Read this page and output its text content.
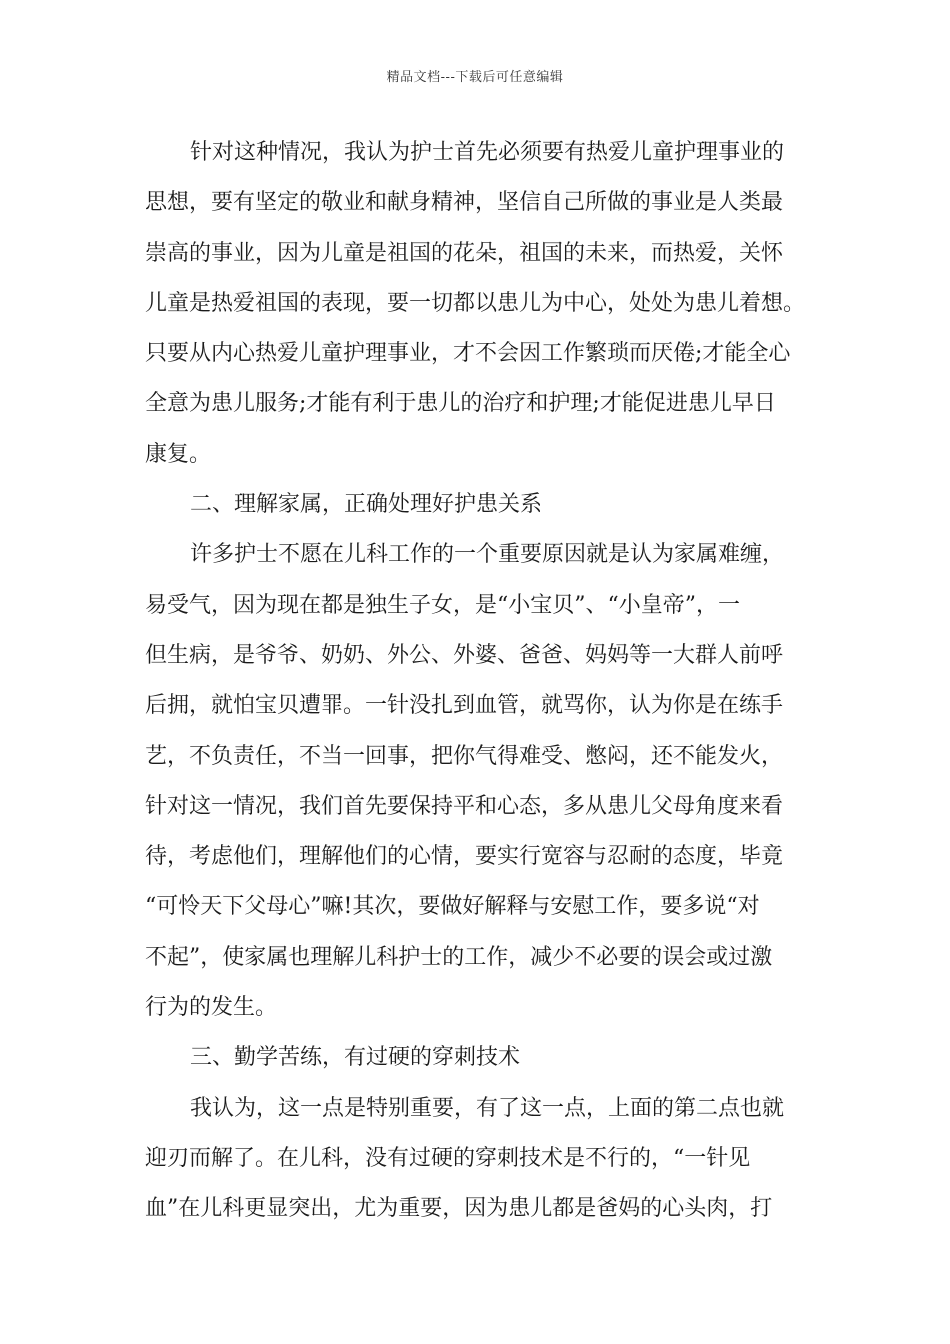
精品文档---下载后可任意编辑
针对这种情况，我认为护士首先必须要有热爱儿童护理事业的
思想，要有坚定的敬业和献身精神，坚信自己所做的事业是人类最
崇高的事业，因为儿童是祖国的花朵，祖国的未来，而热爱，关怀
儿童是热爱祖国的表现，要一切都以患儿为中心，处处为患儿着想。
只要从内心热爱儿童护理事业，才不会因工作繁琐而厌倦;才能全心
全意为患儿服务;才能有利于患儿的治疗和护理;才能促进患儿早日
康复。
二、理解家属，正确处理好护患关系
许多护士不愿在儿科工作的一个重要原因就是认为家属难缠，
易受气，因为现在都是独生子女，是“小宝贝”、“小皇帝”，一
但生病，是爷爷、奶奶、外公、外婆、爸爸、妈妈等一大群人前呼
后拥，就怕宝贝遭罪。一针没扎到血管，就骂你，认为你是在练手
艺，不负责任，不当一回事，把你气得难受、憋闷，还不能发火，
针对这一情况，我们首先要保持平和心态，多从患儿父母角度来看
待，考虑他们，理解他们的心情，要实行宽容与忍耐的态度，毕竟
“可怜天下父母心”嘛!其次，要做好解释与安慰工作，要多说“对
不起”，使家属也理解儿科护士的工作，减少不必要的误会或过激
行为的发生。
三、勤学苦练，有过硬的穿刺技术
我认为，这一点是特别重要，有了这一点，上面的第二点也就
迎刃而解了。在儿科，没有过硬的穿刺技术是不行的，“一针见
血”在儿科更显突出，尤为重要，因为患儿都是爸妈的心头肉，打
